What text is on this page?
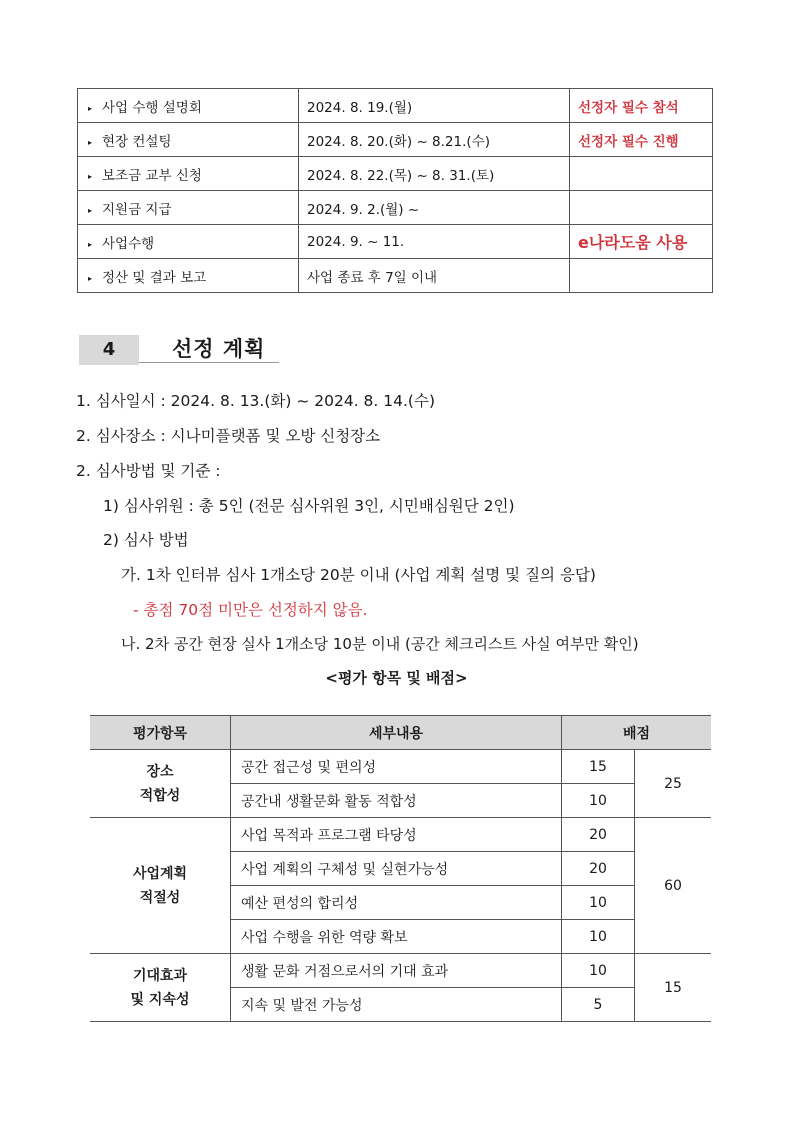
▸ 사업 수행 설명회	2024. 8. 19.(월)	선정자 필수 참석
▸ 현장 컨설팅	2024. 8. 20.(화) ~ 8.21.(수)	선정자 필수 진행
▸ 보조금 교부 신청	2024. 8. 22.(목) ~ 8. 31.(토)	
▸ 지원금 지급	2024. 9. 2.(월) ~	
▸ 사업수행	2024. 9. ~ 11.	e나라도움 사용
▸ 정산 및 결과 보고	사업 종료 후 7일 이내	
4	선정 계획
1. 심사일시 : 2024. 8. 13.(화) ~ 2024. 8. 14.(수)
2. 심사장소 : 시나미플랫폼 및 오방 신청장소
2. 심사방법 및 기준 :
1) 심사위원 : 총 5인 (전문 심사위원 3인, 시민배심원단 2인)
2) 심사 방법
가. 1차 인터뷰 심사 1개소당 20분 이내 (사업 계획 설명 및 질의 응답)
- 총점 70점 미만은 선정하지 않음.
나. 2차 공간 현장 실사 1개소당 10분 이내 (공간 체크리스트 사실 여부만 확인)
<평가 항목 및 배점>
평가항목	세부내용	배점	
장소
적합성	공간 접근성 및 편의성	15	25
	공간내 생활문화 활동 적합성	10	
사업계획
적절성	사업 목적과 프로그램 타당성	20	60
	사업 계획의 구체성 및 실현가능성	20	
	예산 편성의 합리성	10	
	사업 수행을 위한 역량 확보	10	
기대효과
및 지속성	생활 문화 거점으로서의 기대 효과	10	15
	지속 및 발전 가능성	5	
